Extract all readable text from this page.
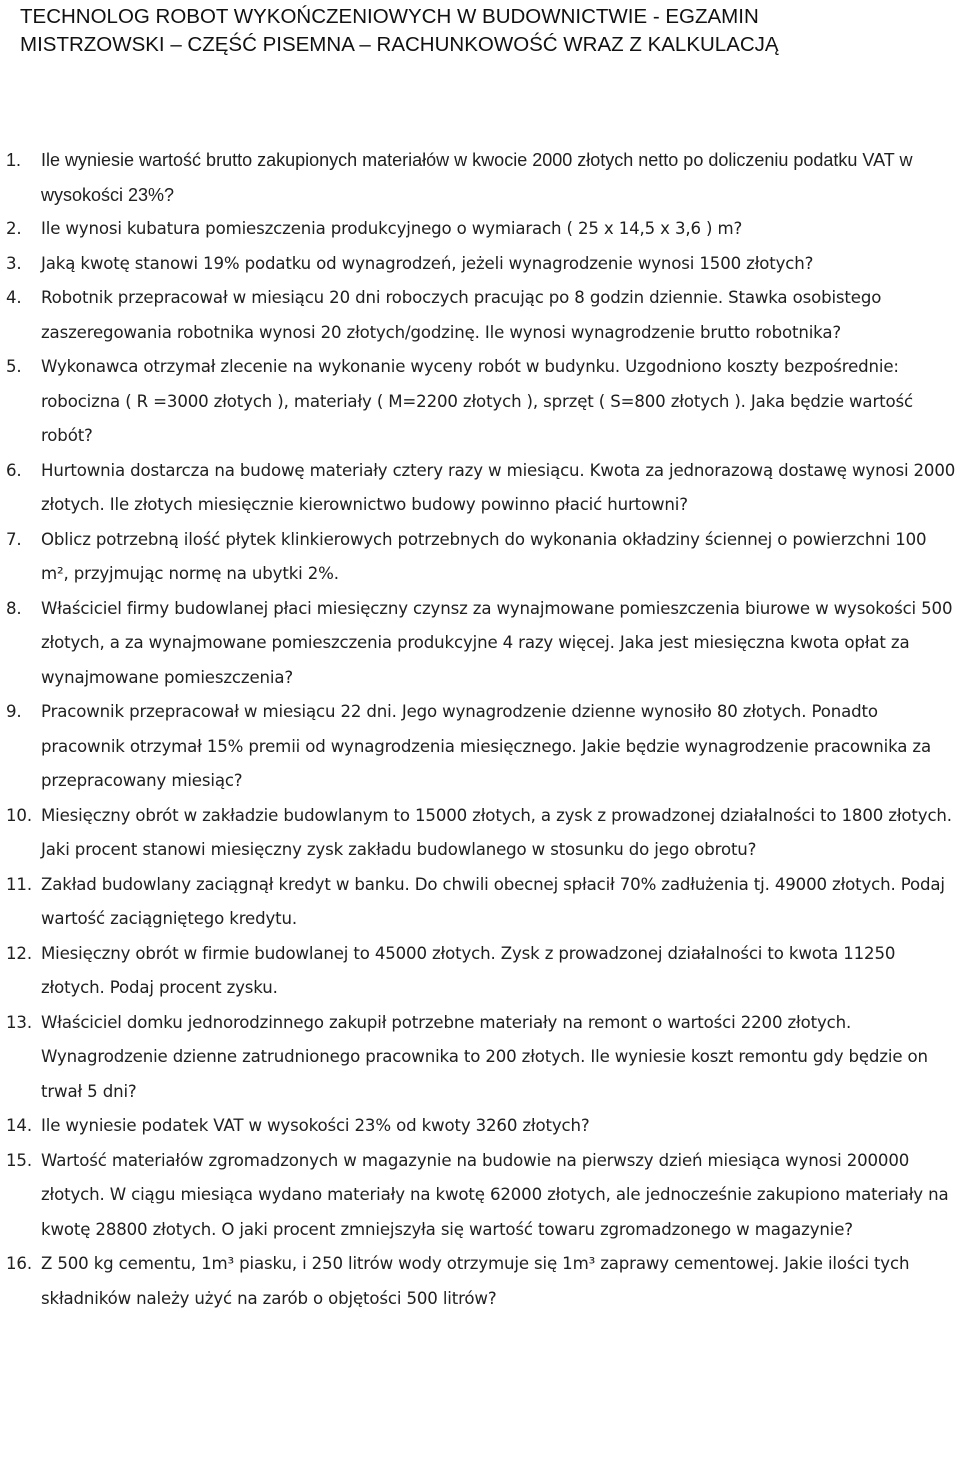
TECHNOLOG ROBOT WYKOŃCZENIOWYCH W BUDOWNICTWIE - EGZAMIN
MISTRZOWSKI – CZĘŚĆ PISEMNA – RACHUNKOWOŚĆ WRAZ Z KALKULACJĄ
1.	Ile wyniesie wartość brutto zakupionych materiałów w kwocie 2000 złotych netto po doliczeniu podatku VAT w wysokości 23%?
2.	Ile wynosi kubatura pomieszczenia produkcyjnego o wymiarach ( 25 x 14,5 x 3,6 ) m?
3.	Jaką kwotę stanowi 19% podatku od wynagrodzeń, jeżeli wynagrodzenie wynosi 1500 złotych?
4.	Robotnik przepracował w miesiącu 20 dni roboczych pracując po 8 godzin dziennie. Stawka osobistego zaszeregowania robotnika wynosi 20 złotych/godzinę. Ile wynosi wynagrodzenie brutto robotnika?
5.	Wykonawca otrzymał zlecenie na wykonanie wyceny robót w budynku. Uzgodniono koszty bezpośrednie: robocizna ( R =3000 złotych ), materiały ( M=2200 złotych ), sprzęt ( S=800 złotych ). Jaka będzie wartość robót?
6.	Hurtownia dostarcza na budowę materiały cztery razy w miesiącu. Kwota za jednorazową dostawę wynosi 2000 złotych. Ile złotych miesięcznie kierownictwo budowy powinno płacić hurtowni?
7.	Oblicz potrzebną ilość płytek klinkierowych potrzebnych do wykonania okładziny ściennej o powierzchni 100 m², przyjmując normę na ubytki 2%.
8.	Właściciel firmy budowlanej płaci miesięczny czynsz za wynajmowane pomieszczenia biurowe w wysokości 500 złotych, a za wynajmowane pomieszczenia produkcyjne 4 razy więcej. Jaka jest miesięczna kwota opłat za wynajmowane pomieszczenia?
9.	Pracownik przepracował w miesiącu 22 dni. Jego wynagrodzenie dzienne wynosiło 80 złotych. Ponadto pracownik otrzymał 15% premii od wynagrodzenia miesięcznego. Jakie będzie wynagrodzenie pracownika za przepracowany miesiąc?
10. Miesięczny obrót w zakładzie budowlanym to 15000 złotych, a zysk z prowadzonej działalności to 1800 złotych. Jaki procent stanowi miesięczny zysk zakładu budowlanego w stosunku do jego obrotu?
11. Zakład budowlany zaciągnął kredyt w banku. Do chwili obecnej spłacił 70% zadłużenia tj. 49000 złotych. Podaj wartość zaciągniętego kredytu.
12. Miesięczny obrót w firmie budowlanej to 45000 złotych. Zysk z prowadzonej działalności to kwota 11250 złotych. Podaj procent zysku.
13. Właściciel domku jednorodzinnego zakupił potrzebne materiały na remont o wartości 2200 złotych. Wynagrodzenie dzienne zatrudnionego pracownika to 200 złotych. Ile wyniesie koszt remontu gdy będzie on trwał 5 dni?
14. Ile wyniesie podatek VAT w wysokości 23% od kwoty 3260 złotych?
15. Wartość materiałów zgromadzonych w magazynie na budowie na pierwszy dzień miesiąca wynosi 200000 złotych. W ciągu miesiąca wydano materiały na kwotę 62000 złotych, ale jednocześnie zakupiono materiały na kwotę 28800 złotych. O jaki procent zmniejszyła się wartość towaru zgromadzonego w magazynie?
16. Z 500 kg cementu, 1m³ piasku, i 250 litrów wody otrzymuje się 1m³ zaprawy cementowej. Jakie ilości tych składników należy użyć na zarób o objętości 500 litrów?
